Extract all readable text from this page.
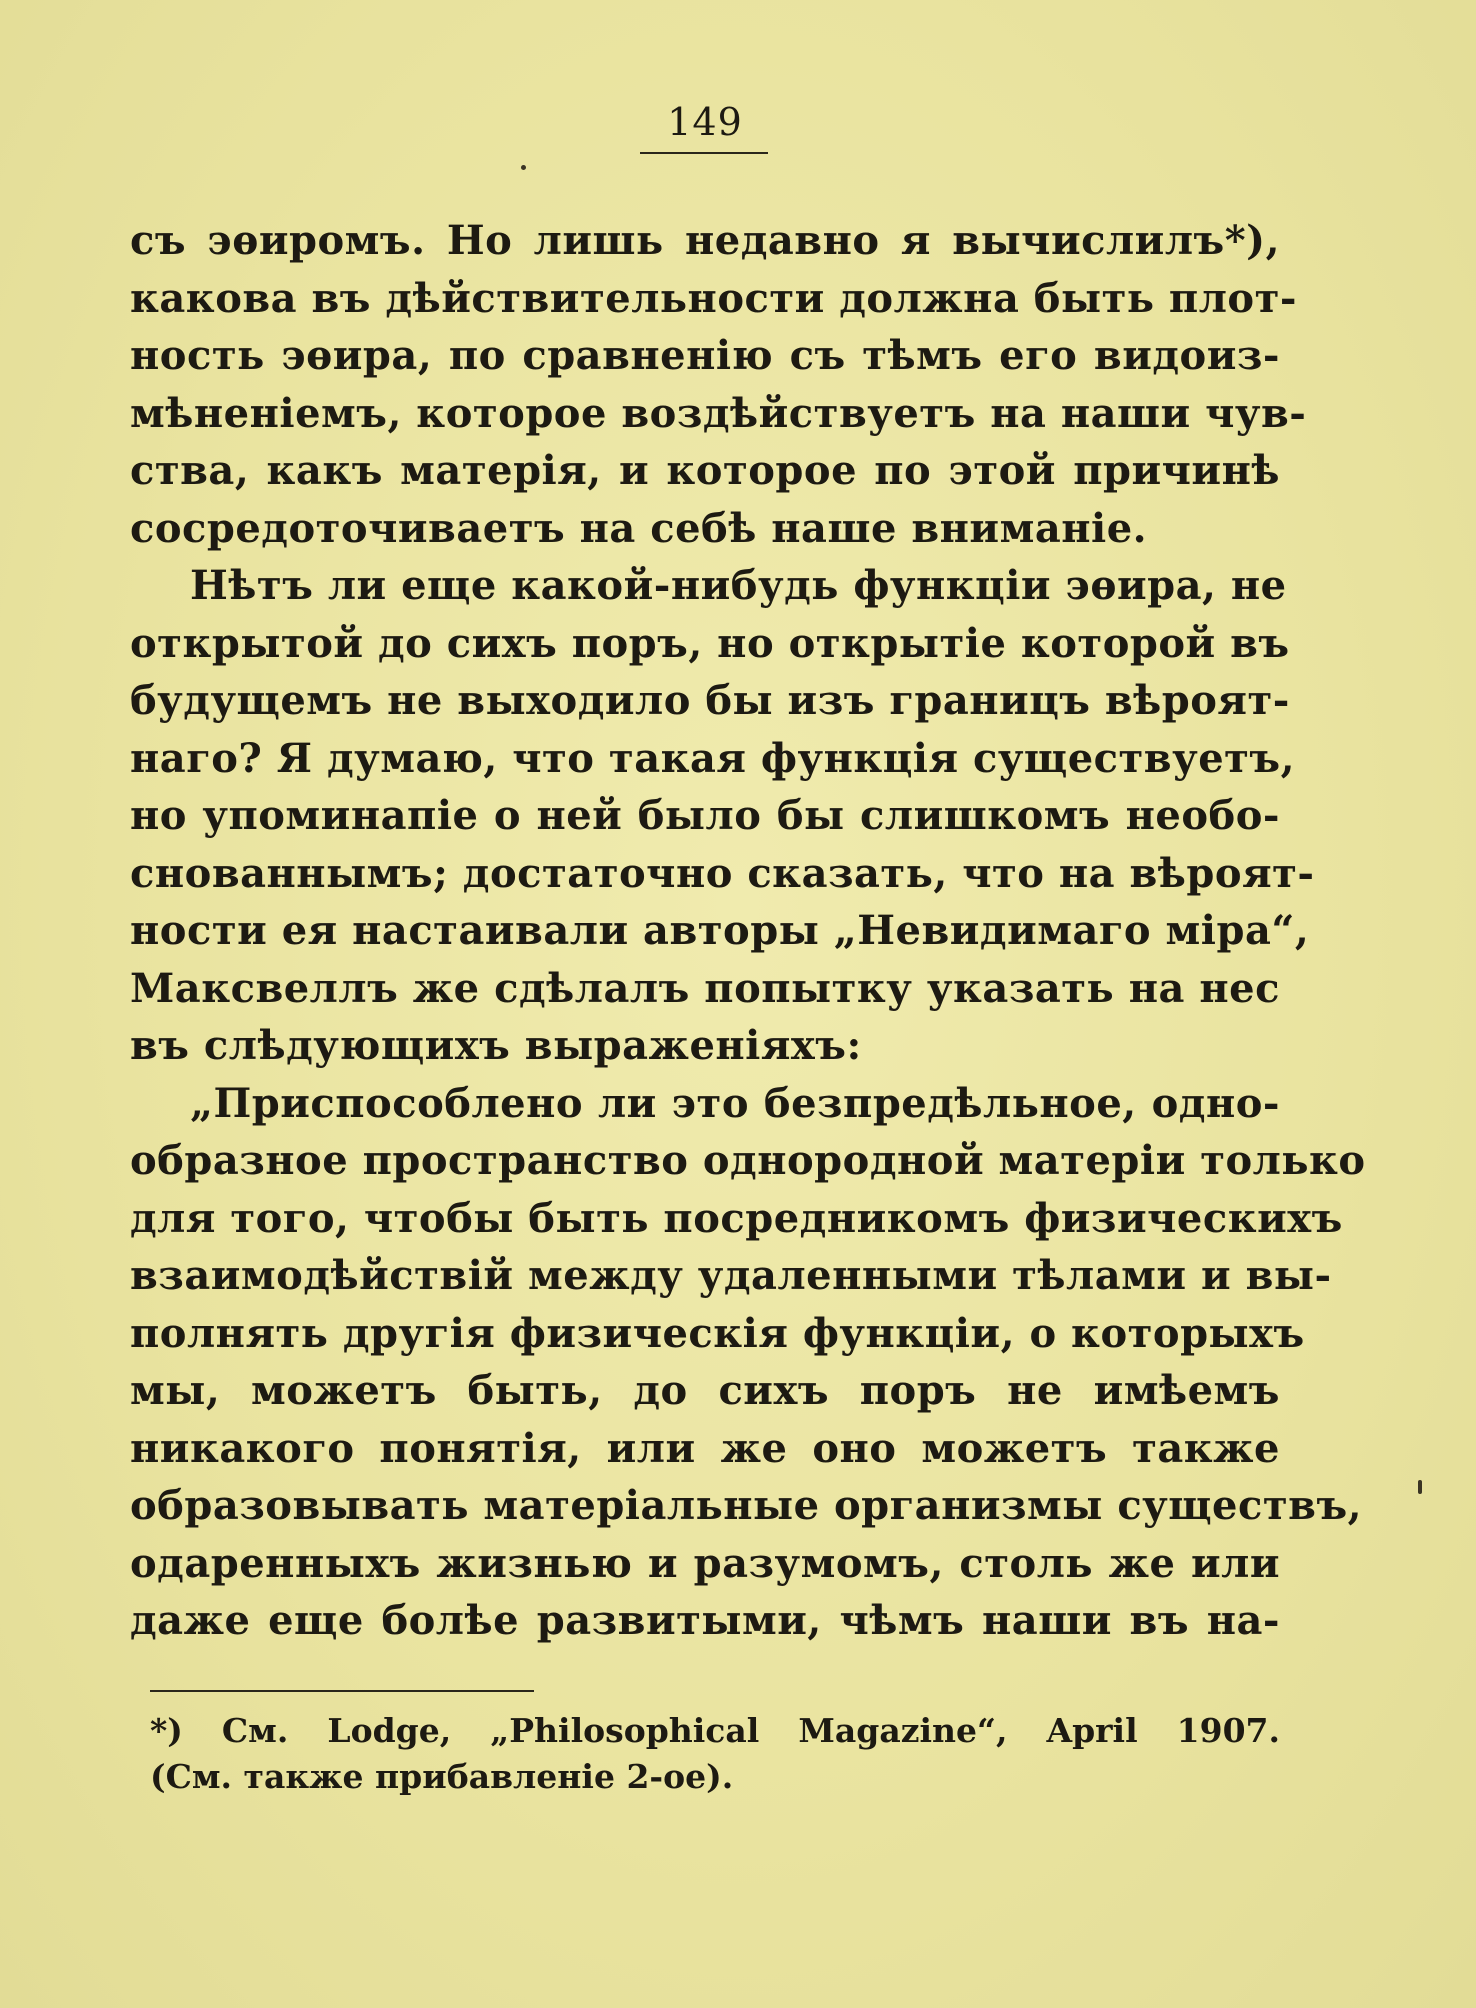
149
съ эѳиромъ. Но лишь недавно я вычислилъ*),
какова въ дѣйствительности должна быть плот-
ность эѳира, по сравненію съ тѣмъ его видоиз-
мѣненіемъ, которое воздѣйствуетъ на наши чув-
ства, какъ матерія, и которое по этой причинѣ
сосредоточиваетъ на себѣ наше вниманіе.
Нѣтъ ли еще какой-нибудь функціи эѳира, не
открытой до сихъ поръ, но открытіе которой въ
будущемъ не выходило бы изъ границъ вѣроят-
наго? Я думаю, что такая функція существуетъ,
но упоминапіе о ней было бы слишкомъ необо-
снованнымъ; достаточно сказать, что на вѣроят-
ности ея настаивали авторы „Невидимаго міра“,
Максвеллъ же сдѣлалъ попытку указать на нес
въ слѣдующихъ выраженіяхъ:
„Приспособлено ли это безпредѣльное, одно-
образное пространство однородной матеріи только
для того, чтобы быть посредникомъ физическихъ
взаимодѣйствій между удаленными тѣлами и вы-
полнять другія физическія функціи, о которыхъ
мы, можетъ быть, до сихъ поръ не имѣемъ
никакого понятія, или же оно можетъ также
образовывать матеріальные организмы существъ,
одаренныхъ жизнью и разумомъ, столь же или
даже еще болѣе развитыми, чѣмъ наши въ на-
*) См. Lodge, „Philosophical Magazine“, April 1907.
(См. также прибавленіе 2-ое).
